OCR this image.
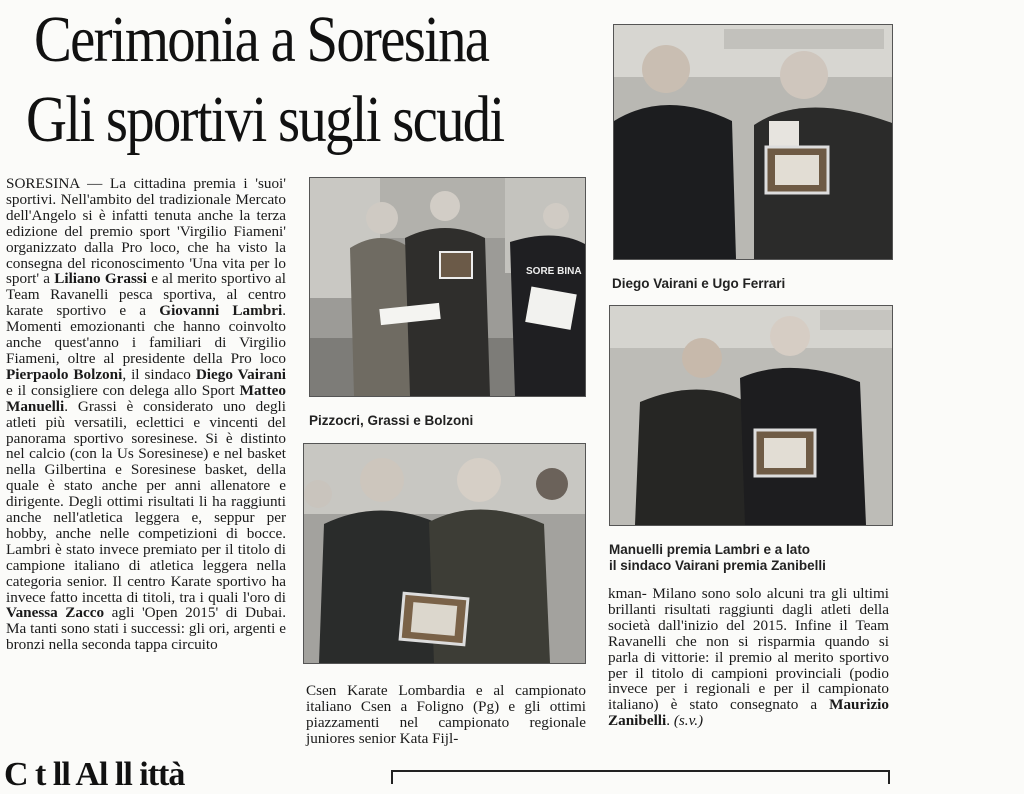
Cerimonia a Soresina
Gli sportivi sugli scudi
SORESINA — La cittadina premia i 'suoi' sportivi. Nell'ambito del tradizionale Mercato dell'Angelo si è infatti tenuta anche la terza edizione del premio sport 'Virgilio Fiameni' organizzato dalla Pro loco, che ha visto la consegna del riconoscimento 'Una vita per lo sport' a Liliano Grassi e al merito sportivo al Team Ravanelli pesca sportiva, al centro karate sportivo e a Giovanni Lambri. Momenti emozionanti che hanno coinvolto anche quest'anno i familiari di Virgilio Fiameni, oltre al presidente della Pro loco Pierpaolo Bolzoni, il sindaco Diego Vairani e il consigliere con delega allo Sport Matteo Manuelli. Grassi è considerato uno degli atleti più versatili, eclettici e vincenti del panorama sportivo soresinese. Si è distinto nel calcio (con la Us Soresinese) e nel basket nella Gilbertina e Soresinese basket, della quale è stato anche per anni allenatore e dirigente. Degli ottimi risultati li ha raggiunti anche nell'atletica leggera e, seppur per hobby, anche nelle competizioni di bocce. Lambri è stato invece premiato per il titolo di campione italiano di atletica leggera nella categoria senior. Il centro Karate sportivo ha invece fatto incetta di titoli, tra i quali l'oro di Vanessa Zacco agli 'Open 2015' di Dubai. Ma tanti sono stati i successi: gli ori, argenti e bronzi nella seconda tappa circuito
SORE BINA

Pizzocri, Grassi e Bolzoni

Csen Karate Lombardia e al campionato italiano Csen a Foligno (Pg) e gli ottimi piazzamenti nel campionato regionale juniores senior Kata Fijl-

Diego Vairani e Ugo Ferrari

Manuelli premia Lambri e a lato
il sindaco Vairani premia Zanibelli

kman- Milano sono solo alcuni tra gli ultimi brillanti risultati raggiunti dagli atleti della società dall'inizio del 2015. Infine il Team Ravanelli che non si risparmia quando si parla di vittorie: il premio al merito sportivo per il titolo di campioni provinciali (podio invece per i regionali e per il campionato italiano) è stato consegnato a Maurizio Zanibelli. (s.v.)
C t ll Al ll ittà
